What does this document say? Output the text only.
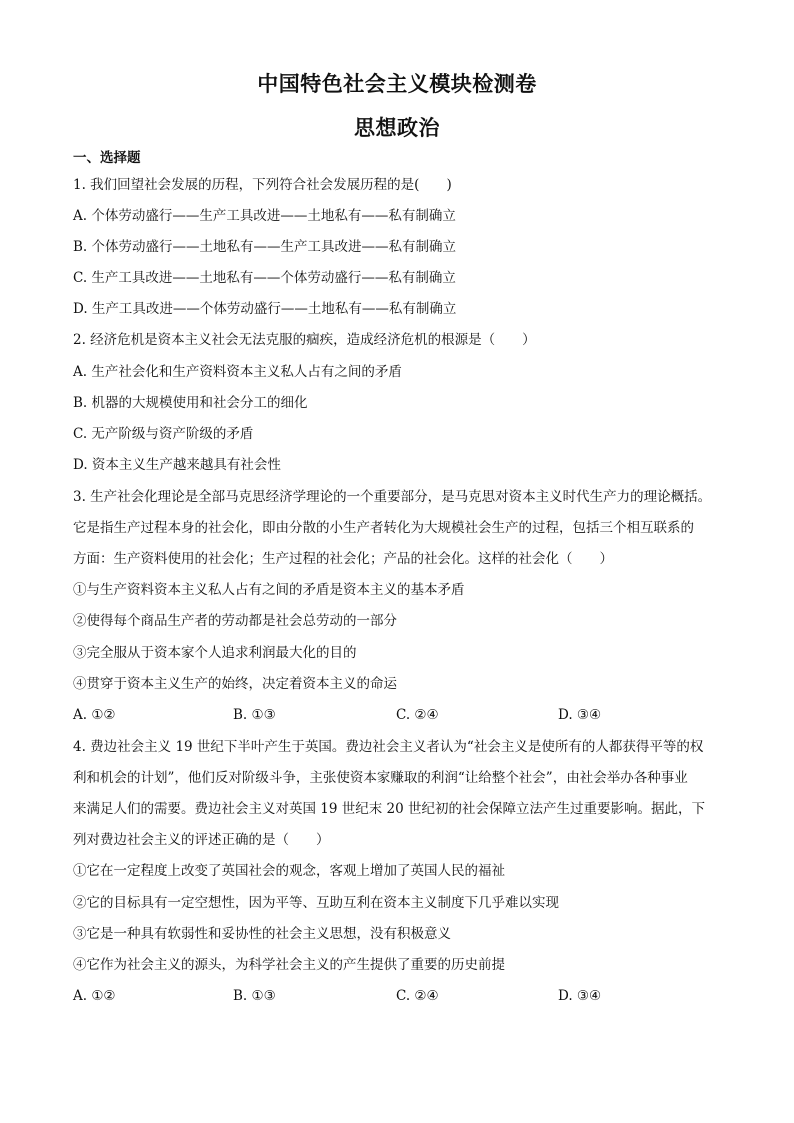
中国特色社会主义模块检测卷
思想政治
一、选择题
1. 我们回望社会发展的历程，下列符合社会发展历程的是(　　)
A. 个体劳动盛行——生产工具改进——土地私有——私有制确立
B. 个体劳动盛行——土地私有——生产工具改进——私有制确立
C. 生产工具改进——土地私有——个体劳动盛行——私有制确立
D. 生产工具改进——个体劳动盛行——土地私有——私有制确立
2. 经济危机是资本主义社会无法克服的痼疾，造成经济危机的根源是（　　）
A. 生产社会化和生产资料资本主义私人占有之间的矛盾
B. 机器的大规模使用和社会分工的细化
C. 无产阶级与资产阶级的矛盾
D. 资本主义生产越来越具有社会性
3. 生产社会化理论是全部马克思经济学理论的一个重要部分，是马克思对资本主义时代生产力的理论概括。
它是指生产过程本身的社会化，即由分散的小生产者转化为大规模社会生产的过程，包括三个相互联系的
方面：生产资料使用的社会化；生产过程的社会化；产品的社会化。这样的社会化（　　）
①与生产资料资本主义私人占有之间的矛盾是资本主义的基本矛盾
②使得每个商品生产者的劳动都是社会总劳动的一部分
③完全服从于资本家个人追求利润最大化的目的
④贯穿于资本主义生产的始终，决定着资本主义的命运
A. ①②	B. ①③	C. ②④	D. ③④
4. 费边社会主义 19 世纪下半叶产生于英国。费边社会主义者认为“社会主义是使所有的人都获得平等的权
利和机会的计划”，他们反对阶级斗争，主张使资本家赚取的利润“让给整个社会”，由社会举办各种事业
来满足人们的需要。费边社会主义对英国 19 世纪末 20 世纪初的社会保障立法产生过重要影响。据此，下
列对费边社会主义的评述正确的是（　　）
①它在一定程度上改变了英国社会的观念，客观上增加了英国人民的福祉
②它的目标具有一定空想性，因为平等、互助互利在资本主义制度下几乎难以实现
③它是一种具有软弱性和妥协性的社会主义思想，没有积极意义
④它作为社会主义的源头，为科学社会主义的产生提供了重要的历史前提
A. ①②	B. ①③	C. ②④	D. ③④
